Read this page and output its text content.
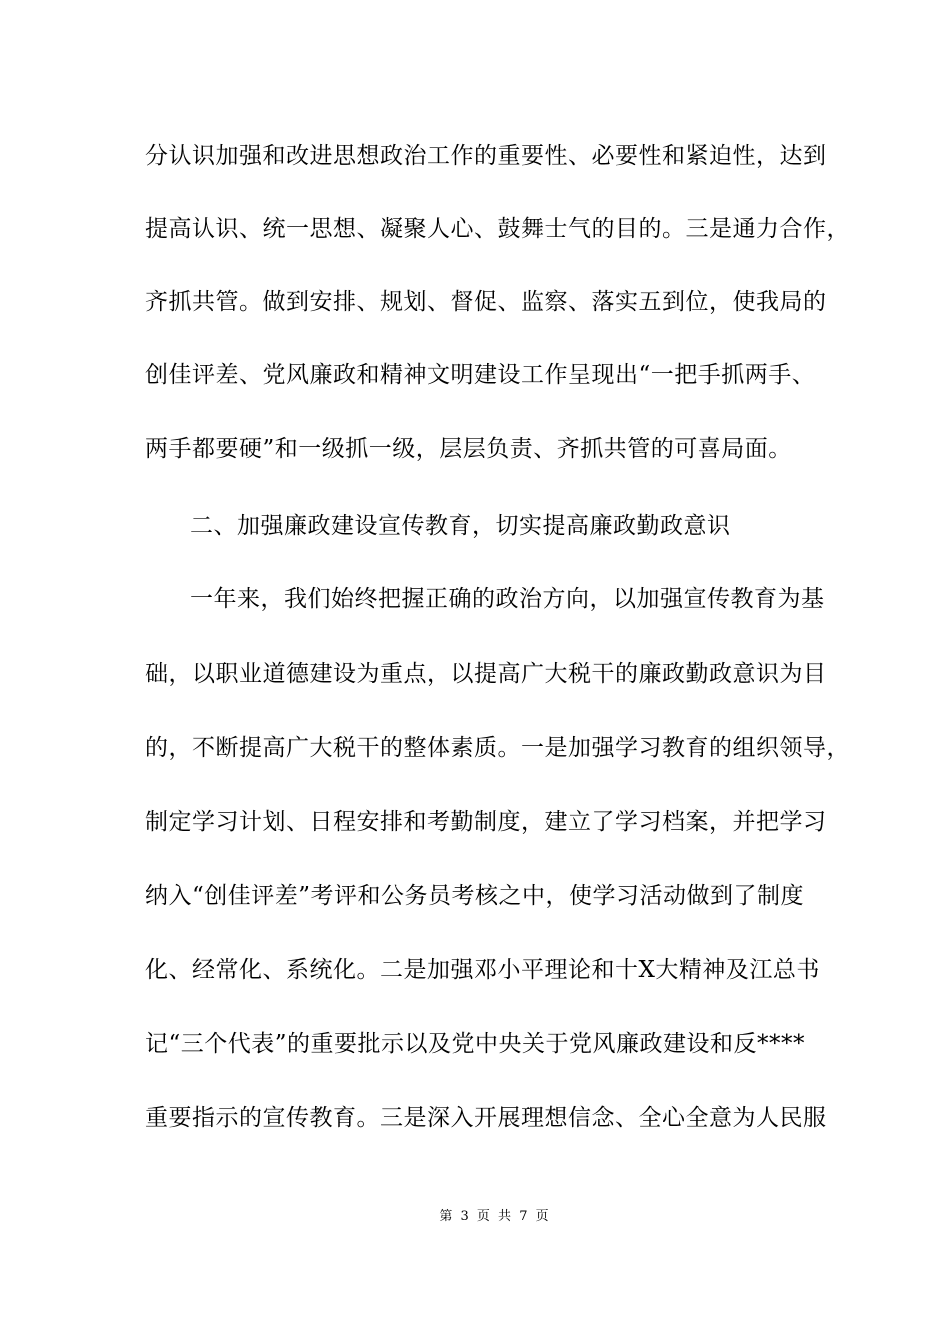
分认识加强和改进思想政治工作的重要性、必要性和紧迫性，达到
提高认识、统一思想、凝聚人心、鼓舞士气的目的。三是通力合作，
齐抓共管。做到安排、规划、督促、监察、落实五到位，使我局的
创佳评差、党风廉政和精神文明建设工作呈现出“一把手抓两手、
两手都要硬”和一级抓一级，层层负责、齐抓共管的可喜局面。
二、加强廉政建设宣传教育，切实提高廉政勤政意识
一年来，我们始终把握正确的政治方向，以加强宣传教育为基
础，以职业道德建设为重点，以提高广大税干的廉政勤政意识为目
的，不断提高广大税干的整体素质。一是加强学习教育的组织领导，
制定学习计划、日程安排和考勤制度，建立了学习档案，并把学习
纳入“创佳评差”考评和公务员考核之中，使学习活动做到了制度
化、经常化、系统化。二是加强邓小平理论和十X大精神及江总书
记“三个代表”的重要批示以及党中央关于党风廉政建设和反****
重要指示的宣传教育。三是深入开展理想信念、全心全意为人民服
第 3 页 共 7 页
